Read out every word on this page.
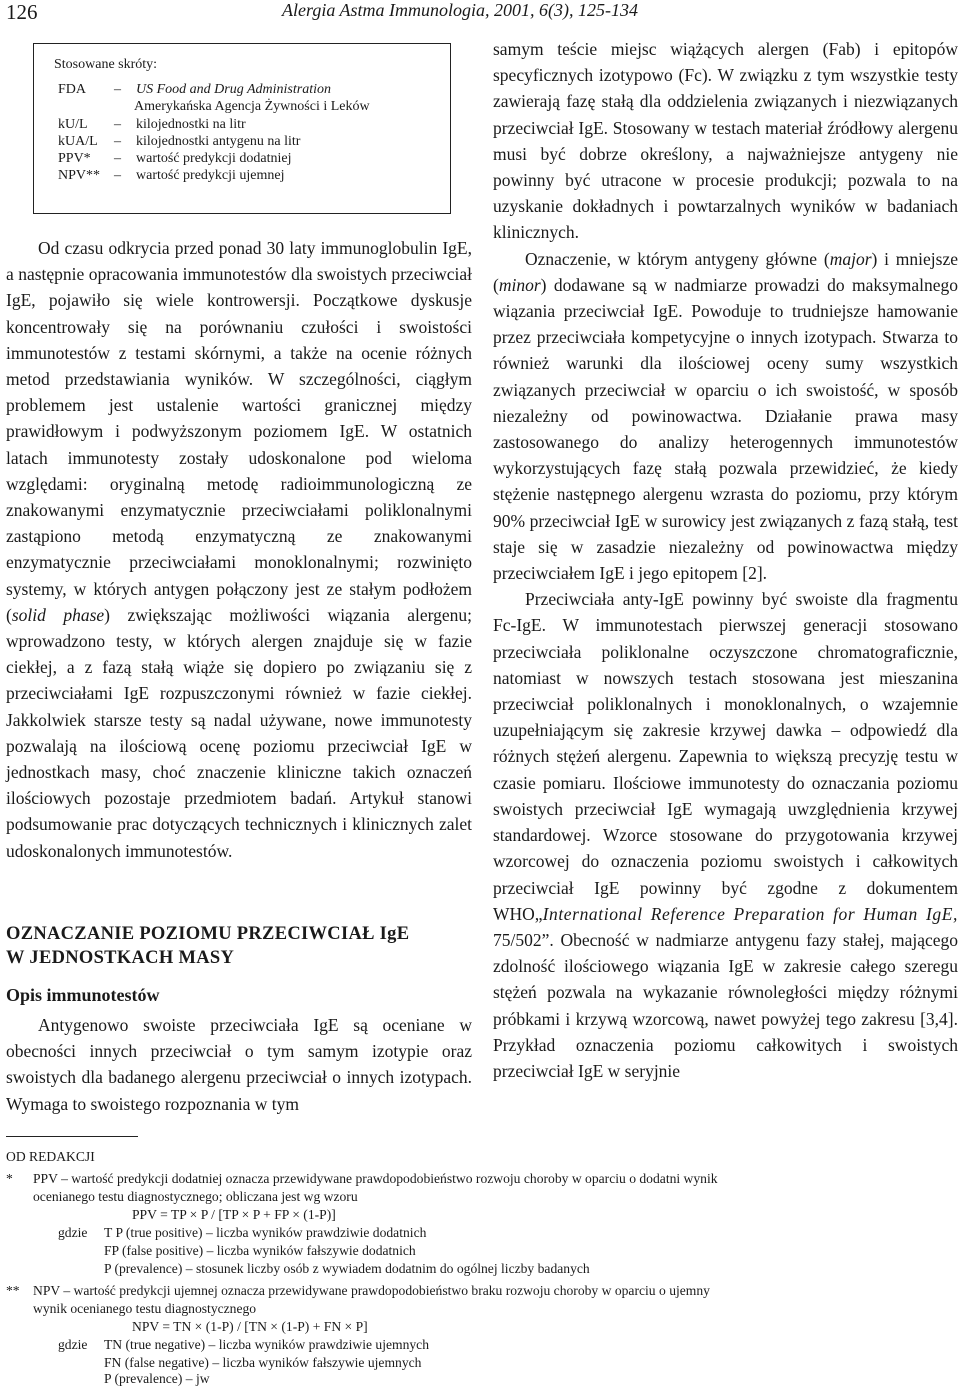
126	Alergia Astma Immunologia, 2001, 6(3), 125-134
Stosowane skróty:
FDA	–	US Food and Drug Administration
Amerykańska Agencja Żywności i Leków
kU/L	–	kilojednostki na litr
kUA/L	–	kilojednostki antygenu na litr
PPV*	–	wartość predykcji dodatniej
NPV** –	wartość predykcji ujemnej

Od czasu odkrycia przed ponad 30 laty immunoglobulin IgE, a następnie opracowania immunotestów dla swoistych przeciwciał IgE, pojawiło się wiele kontrowersji. Początkowe dyskusje koncentrowały się na porównaniu czułości i swoistości immunotestów z testami skórnymi, a także na ocenie różnych metod przedstawiania wyników. W szczególności, ciągłym problemem jest ustalenie wartości granicznej między prawidłowym i podwyższonym poziomem IgE. W ostatnich latach immunotesty zostały udoskonalone pod wieloma względami: oryginalną metodę radioimmunologiczną ze znakowanymi enzymatycznie przeciwciałami poliklonalnymi zastąpiono metodą enzymatyczną ze znakowanymi enzymatycznie przeciwciałami monoklonalnymi; rozwinięto systemy, w których antygen połączony jest ze stałym podłożem (solid phase) zwiększając możliwości wiązania alergenu; wprowadzono testy, w których alergen znajduje się w fazie ciekłej, a z fazą stałą wiąże się dopiero po związaniu się z przeciwciałami IgE rozpuszczonymi również w fazie ciekłej. Jakkolwiek starsze testy są nadal używane, nowe immunotesty pozwalają na ilościową ocenę poziomu przeciwciał IgE w jednostkach masy, choć znaczenie kliniczne takich oznaczeń ilościowych pozostaje przedmiotem badań. Artykuł stanowi podsumowanie prac dotyczących technicznych i klinicznych zalet udoskonalonych immunotestów.

OZNACZANIE POZIOMU PRZECIWCIAŁ IgE
W JEDNOSTKACH MASY
Opis immunotestów

Antygenowo swoiste przeciwciała IgE są oceniane w obecności innych przeciwciał o tym samym izotypie oraz swoistych dla badanego alergenu przeciwciał o innych izotypach. Wymaga to swoistego rozpoznania w tym

samym teście miejsc wiążących alergen (Fab) i epitopów specyficznych izotypowo (Fc). W związku z tym wszystkie testy zawierają fazę stałą dla oddzielenia związanych i niezwiązanych przeciwciał IgE. Stosowany w testach materiał źródłowy alergenu musi być dobrze określony, a najważniejsze antygeny nie powinny być utracone w procesie produkcji; pozwala to na uzyskanie dokładnych i powtarzalnych wyników w badaniach klinicznych.

Oznaczenie, w którym antygeny główne (major) i mniejsze (minor) dodawane są w nadmiarze prowadzi do maksymalnego wiązania przeciwciał IgE. Powoduje to trudniejsze hamowanie przez przeciwciała kompetycyjne o innych izotypach. Stwarza to również warunki dla ilościowej oceny sumy wszystkich związanych przeciwciał w oparciu o ich swoistość, w sposób niezależny od powinowactwa. Działanie prawa masy zastosowanego do analizy heterogennych immunotestów wykorzystujących fazę stałą pozwala przewidzieć, że kiedy stężenie następnego alergenu wzrasta do poziomu, przy którym 90% przeciwciał IgE w surowicy jest związanych z fazą stałą, test staje się w zasadzie niezależny od powinowactwa między przeciwciałem IgE i jego epitopem [2].

Przeciwciała anty-IgE powinny być swoiste dla fragmentu Fc-IgE. W immunotestach pierwszej generacji stosowano przeciwciała poliklonalne oczyszczone chromatograficznie, natomiast w nowszych testach stosowana jest mieszanina przeciwciał poliklonalnych i monoklonalnych, o wzajemnie uzupełniającym się zakresie krzywej dawka – odpowiedź dla różnych stężeń alergenu. Zapewnia to większą precyzję testu w czasie pomiaru. Ilościowe immunotesty do oznaczania poziomu swoistych przeciwciał IgE wymagają uwzględnienia krzywej standardowej. Wzorce stosowane do przygotowania krzywej wzorcowej do oznaczenia poziomu swoistych i całkowitych przeciwciał IgE powinny być zgodne z dokumentem WHO„International Reference Preparation for Human IgE, 75/502”. Obecność w nadmiarze antygenu fazy stałej, mającego zdolność ilościowego wiązania IgE w zakresie całego szeregu stężeń pozwala na wykazanie równoległości między różnymi próbkami i krzywą wzorcową, nawet powyżej tego zakresu [3,4]. Przykład oznaczenia poziomu całkowitych i swoistych przeciwciał IgE w seryjnie

OD REDAKCJI
* PPV – wartość predykcji dodatniej oznacza przewidywane prawdopodobieństwo rozwoju choroby w oparciu o dodatni wynik
ocenianego testu diagnostycznego; obliczana jest wg wzoru
PPV = TP × P / [TP × P + FP × (1-P)]
gdzie T P (true positive) – liczba wyników prawdziwie dodatnich
FP (false positive) – liczba wyników fałszywie dodatnich
P (prevalence) – stosunek liczby osób z wywiadem dodatnim do ogólnej liczby badanych
** NPV – wartość predykcji ujemnej oznacza przewidywane prawdopodobieństwo braku rozwoju choroby w oparciu o ujemny
wynik ocenianego testu diagnostycznego
NPV = TN × (1-P) / [TN × (1-P) + FN × P]
gdzie TN (true negative) – liczba wyników prawdziwie ujemnych
FN (false negative) – liczba wyników fałszywie ujemnych
P (prevalence) – jw
